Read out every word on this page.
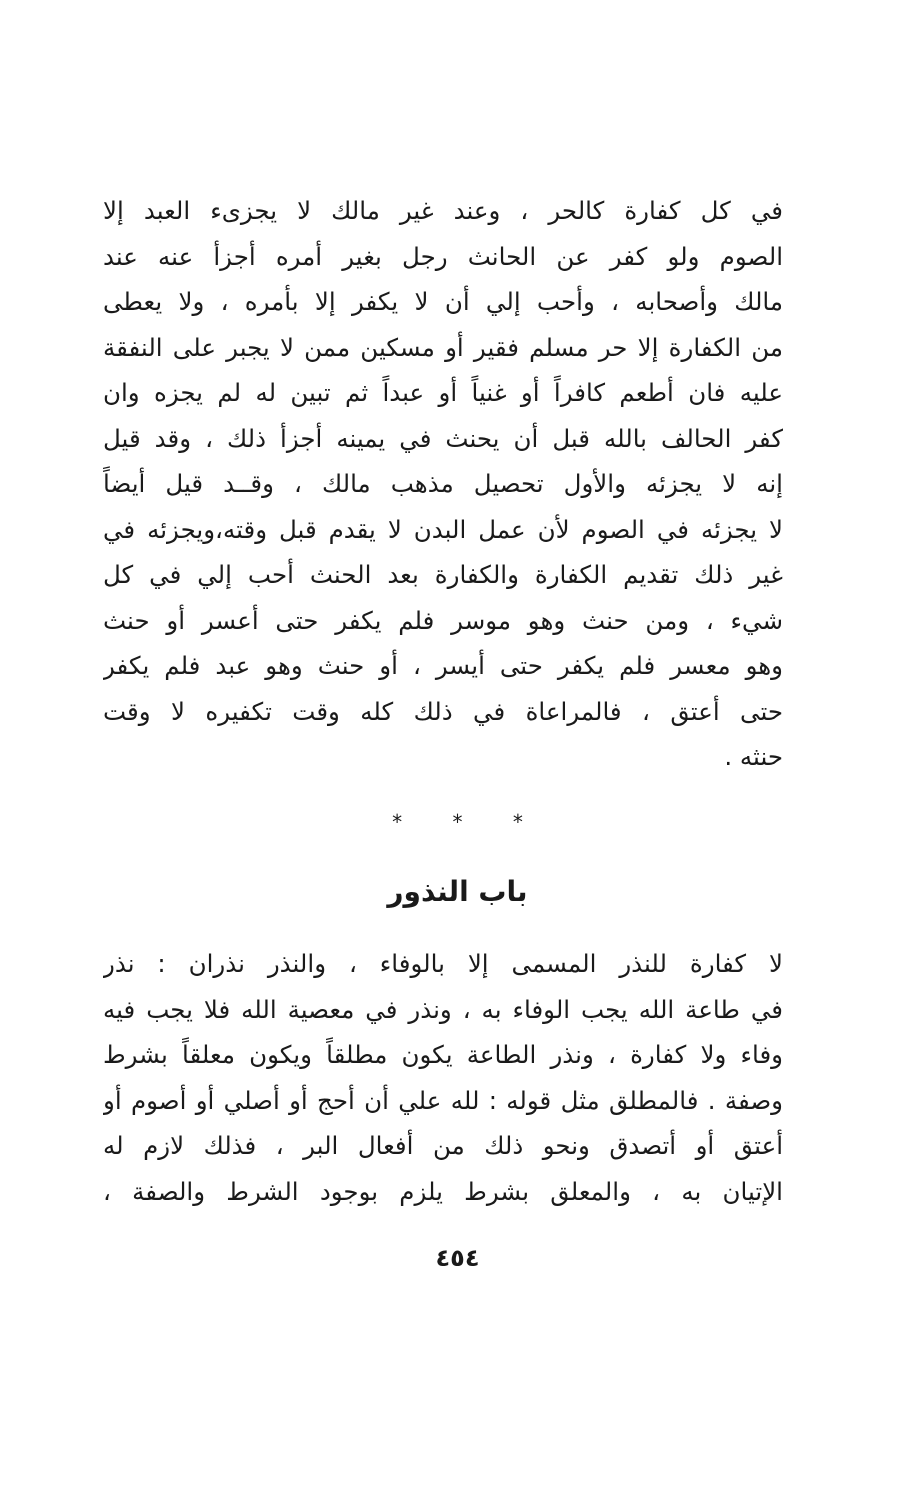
في كل كفارة كالحر ، وعند غير مالك لا يجزىء العبد إلا
الصوم ولو كفر عن الحانث رجل بغير أمره أجزأ عنه عند
مالك وأصحابه ، وأحب إلي أن لا يكفر إلا بأمره ، ولا يعطى
من الكفارة إلا حر مسلم فقير أو مسكين ممن لا يجبر على النفقة
عليه فان أطعم كافراً أو غنياً أو عبداً ثم تبين له لم يجزه وان
كفر الحالف بالله قبل أن يحنث في يمينه أجزأ ذلك ، وقد قيل
إنه لا يجزئه والأول تحصيل مذهب مالك ، وقــد قيل أيضاً
لا يجزئه في الصوم لأن عمل البدن لا يقدم قبل وقته،ويجزئه في
غير ذلك تقديم الكفارة والكفارة بعد الحنث أحب إلي في كل
شيء ، ومن حنث وهو موسر فلم يكفر حتى أعسر أو حنث
وهو معسر فلم يكفر حتى أيسر ، أو حنث وهو عبد فلم يكفر
حتى أعتق ، فالمراعاة في ذلك كله وقت تكفيره لا وقت
حنثه .
* * *
باب النذور
لا كفارة للنذر المسمى إلا بالوفاء ، والنذر نذران : نذر
في طاعة الله يجب الوفاء به ، ونذر في معصية الله فلا يجب فيه
وفاء ولا كفارة ، ونذر الطاعة يكون مطلقاً ويكون معلقاً بشرط
وصفة . فالمطلق مثل قوله : لله علي أن أحج أو أصلي أو أصوم أو
أعتق أو أتصدق ونحو ذلك من أفعال البر ، فذلك لازم له
الإتيان به ، والمعلق بشرط يلزم بوجود الشرط والصفة ،
٤٥٤
